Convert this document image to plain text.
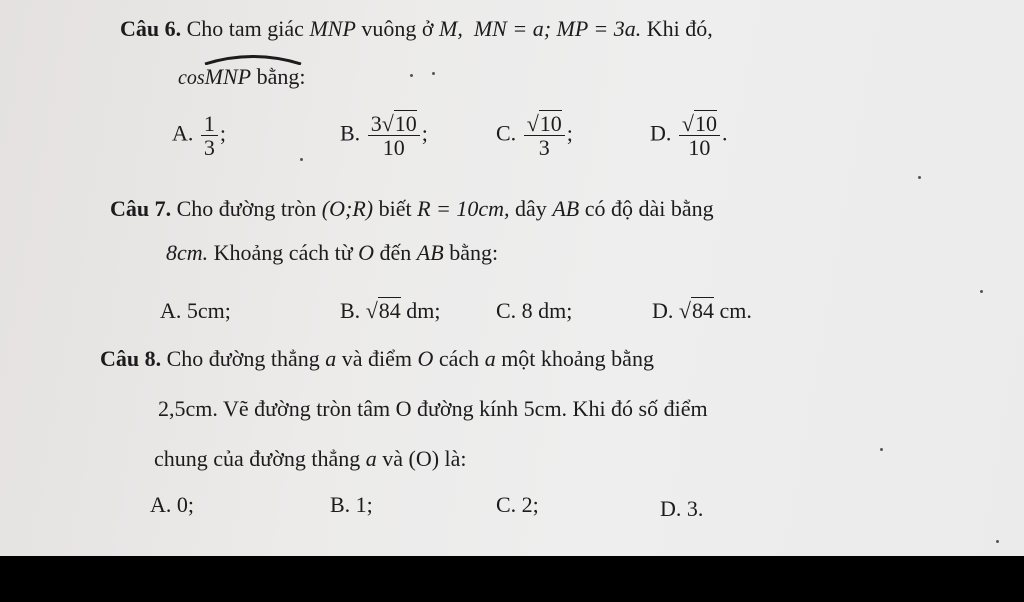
Câu 6. Cho tam giác MNP vuông ở M, MN = a; MP = 3a. Khi đó,
cos
MNP bằng:
A. $\frac{1}{3}$ ;	B. $\frac{3√10}{10}$ ;	C. $\frac{√10}{3}$ ;	D. $\frac{√10}{10}$ .
Câu 7. Cho đường tròn (O;R) biết R = 10cm, dây AB có độ dài bằng
8cm. Khoảng cách từ O đến AB bằng:
A. 5cm;	B. √84 dm;	C. 8 dm;	D. √84 cm.
Câu 8. Cho đường thẳng a và điểm O cách a một khoảng bằng
2,5cm. Vẽ đường tròn tâm O đường kính 5cm. Khi đó số điểm
chung của đường thẳng a và (O) là:
A. 0;	B. 1;	C. 2;	D. 3.
